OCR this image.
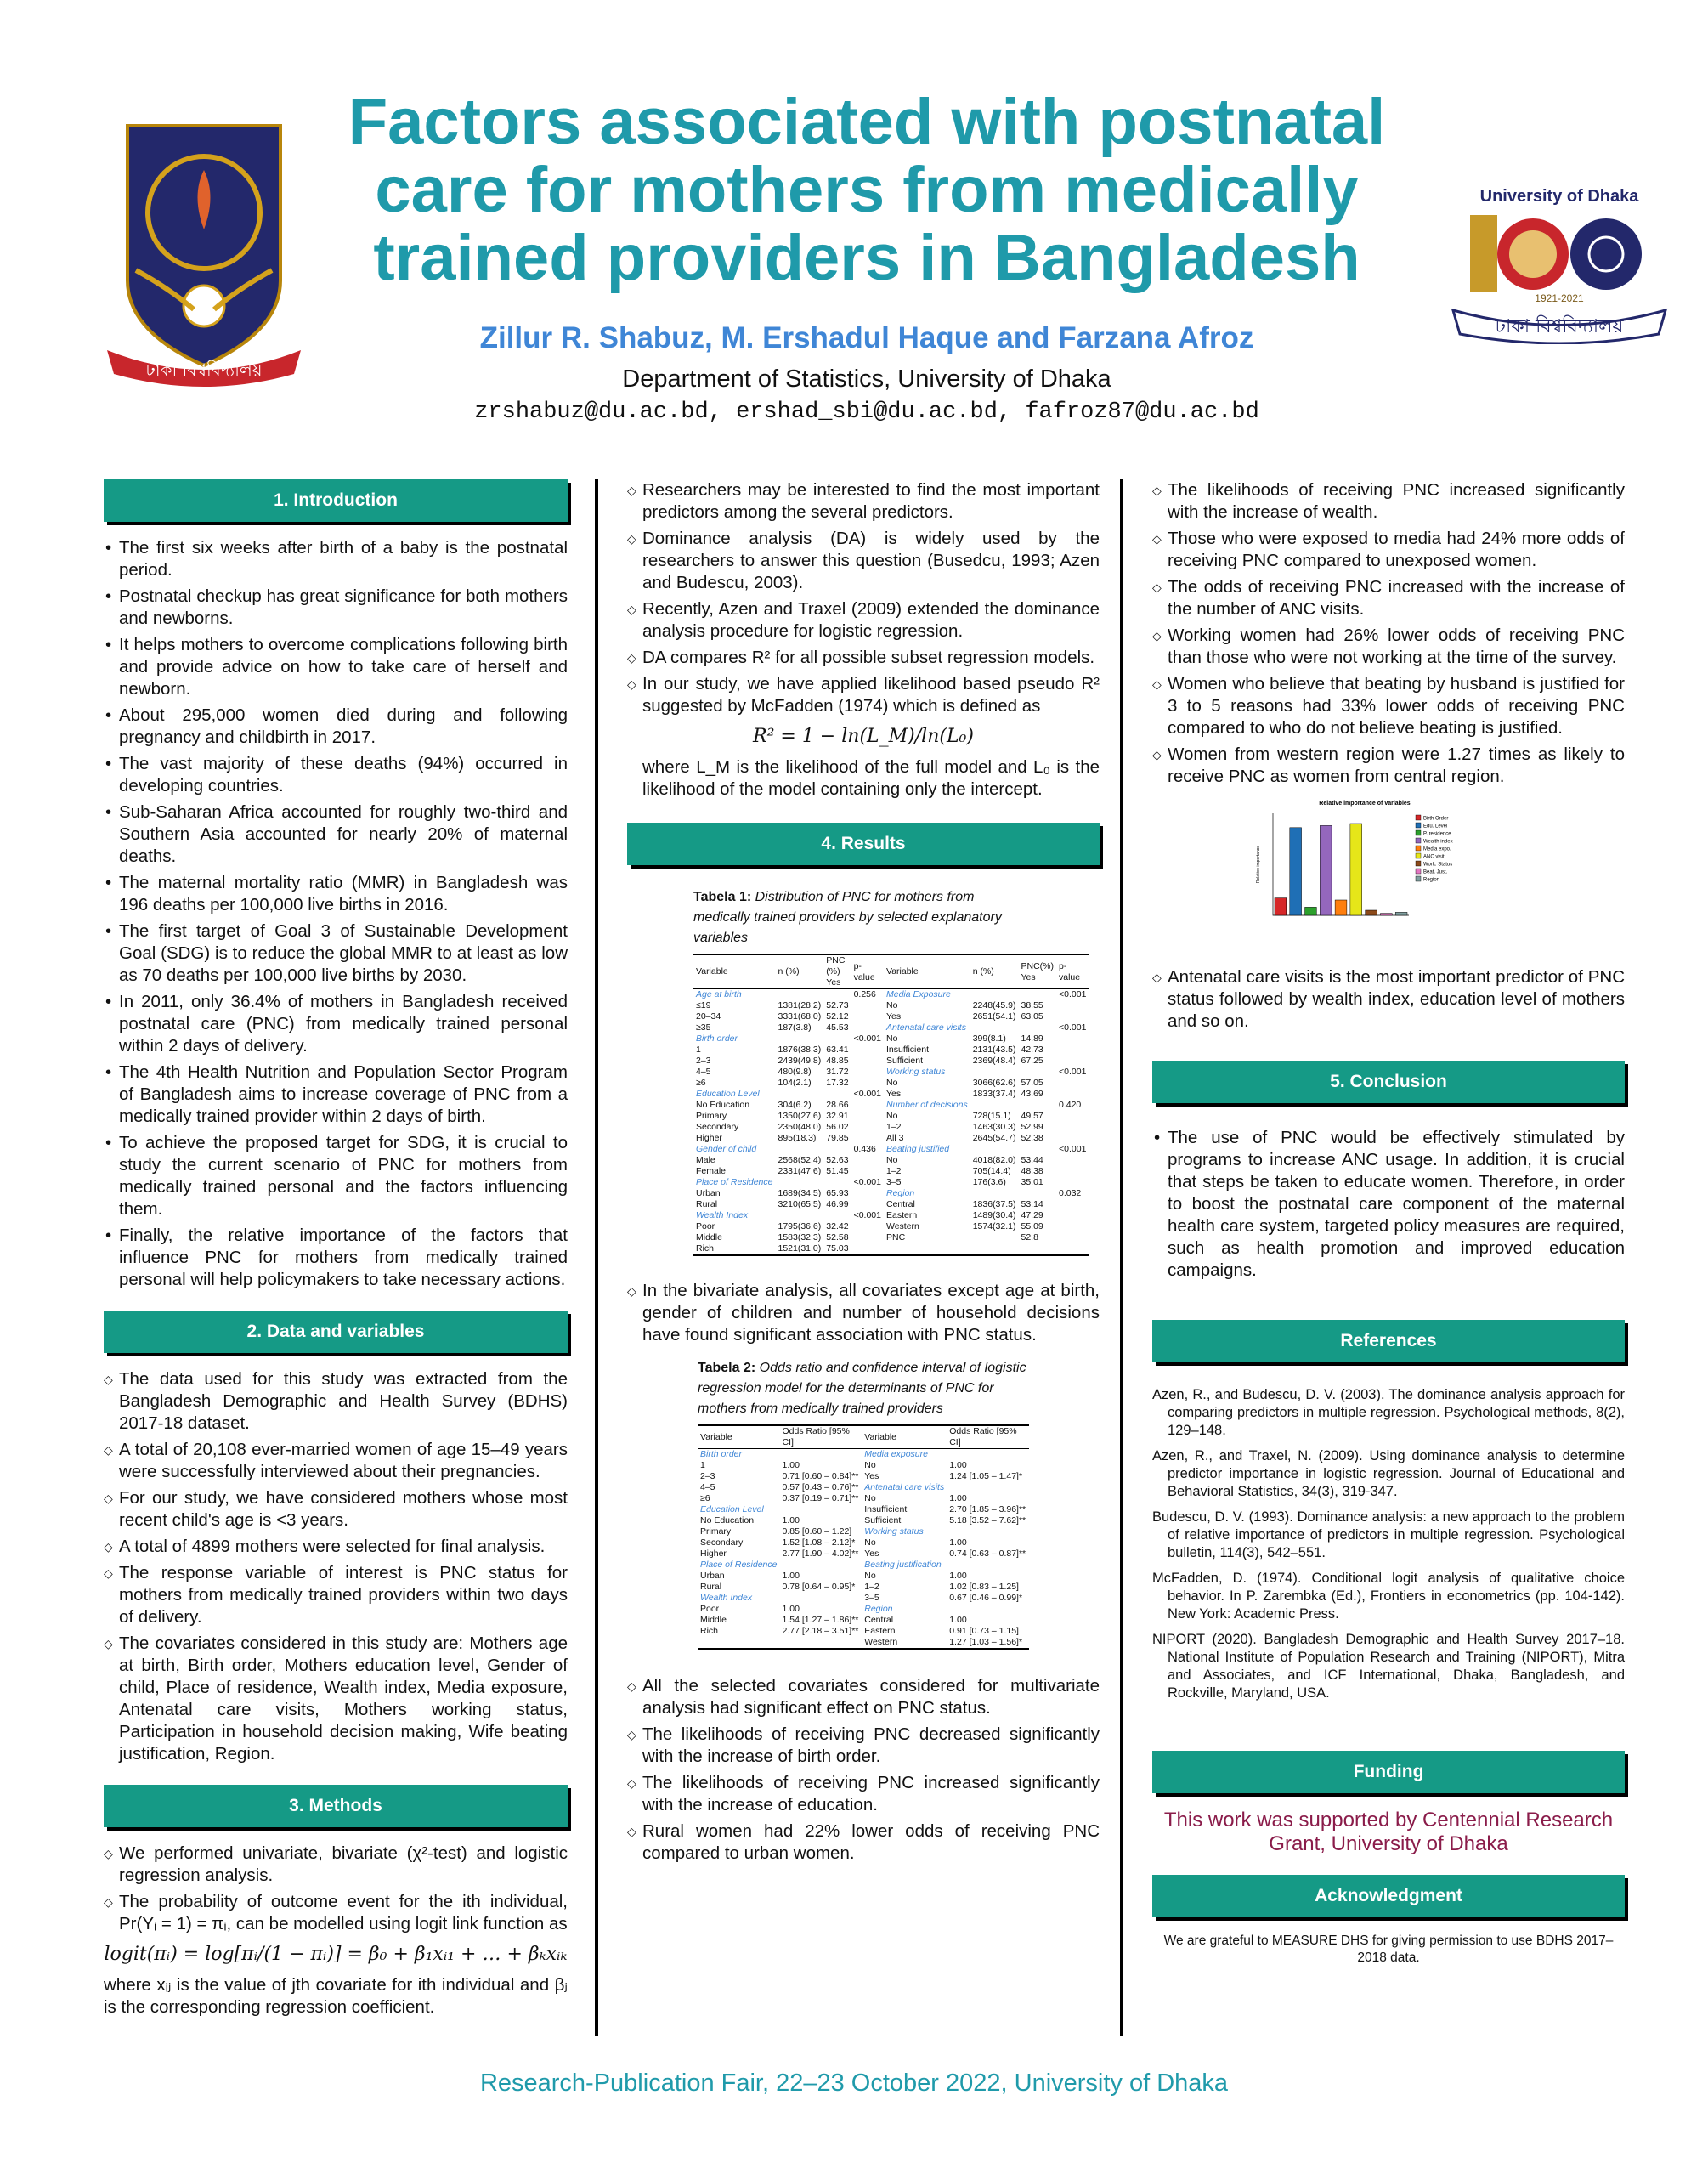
ঢাকা বিশ্ববিদ্যালয়
Factors associated with postnatal
care for mothers from medically
trained providers in Bangladesh
Zillur R. Shabuz, M. Ershadul Haque and Farzana Afroz
Department of Statistics, University of Dhaka
zrshabuz@du.ac.bd, ershad_sbi@du.ac.bd, fafroz87@du.ac.bd
University of Dhaka
1921-2021
ঢাকা বিশ্ববিদ্যালয়
1. Introduction
• The first six weeks after birth of a baby is the postnatal period.
• Postnatal checkup has great significance for both mothers and newborns.
• It helps mothers to overcome complications following birth and provide advice on how to take care of herself and newborn.
• About 295,000 women died during and following pregnancy and childbirth in 2017.
• The vast majority of these deaths (94%) occurred in developing countries.
• Sub-Saharan Africa accounted for roughly two-third and Southern Asia accounted for nearly 20% of maternal deaths.
• The maternal mortality ratio (MMR) in Bangladesh was 196 deaths per 100,000 live births in 2016.
• The first target of Goal 3 of Sustainable Development Goal (SDG) is to reduce the global MMR to at least as low as 70 deaths per 100,000 live births by 2030.
• In 2011, only 36.4% of mothers in Bangladesh received postnatal care (PNC) from medically trained personal within 2 days of delivery.
• The 4th Health Nutrition and Population Sector Program of Bangladesh aims to increase coverage of PNC from a medically trained provider within 2 days of birth.
• To achieve the proposed target for SDG, it is crucial to study the current scenario of PNC for mothers from medically trained personal and the factors influencing them.
• Finally, the relative importance of the factors that influence PNC for mothers from medically trained personal will help policymakers to take necessary actions.
2. Data and variables
◇ The data used for this study was extracted from the Bangladesh Demographic and Health Survey (BDHS) 2017-18 dataset.
◇ A total of 20,108 ever-married women of age 15–49 years were successfully interviewed about their pregnancies.
◇ For our study, we have considered mothers whose most recent child's age is <3 years.
◇ A total of 4899 mothers were selected for final analysis.
◇ The response variable of interest is PNC status for mothers from medically trained providers within two days of delivery.
◇ The covariates considered in this study are: Mothers age at birth, Birth order, Mothers education level, Gender of child, Place of residence, Wealth index, Media exposure, Antenatal care visits, Mothers working status, Participation in household decision making, Wife beating justification, Region.
3. Methods
◇ We performed univariate, bivariate (χ²-test) and logistic regression analysis.
◇ The probability of outcome event for the ith individual, Pr(Yᵢ = 1) = πᵢ, can be modelled using logit link function as
logit(πᵢ) = log[πᵢ/(1 − πᵢ)] = β₀ + β₁xᵢ₁ + … + βₖxᵢₖ

where xᵢⱼ is the value of jth covariate for ith individual and βⱼ is the corresponding regression coefficient.

◇ Researchers may be interested to find the most important predictors among the several predictors.
◇ Dominance analysis (DA) is widely used by the researchers to answer this question (Busedcu, 1993; Azen and Budescu, 2003).
◇ Recently, Azen and Traxel (2009) extended the dominance analysis procedure for logistic regression.
◇ DA compares R² for all possible subset regression models.
◇ In our study, we have applied likelihood based pseudo R² suggested by McFadden (1974) which is defined as
R² = 1 − ln(L_M)/ln(L₀)

where L_M is the likelihood of the full model and L₀ is the likelihood of the model containing only the intercept.

4. Results
Tabela 1: Distribution of PNC for mothers from medically trained providers by selected explanatory variables
Variable	n (%)	PNC (%) Yes	p-value	Variable	n (%)	PNC(%) Yes	p-value
Age at birth			0.256	Media Exposure			<0.001
≤19	1381(28.2)	52.73		No	2248(45.9)	38.55	
20–34	3331(68.0)	52.12		Yes	2651(54.1)	63.05	
≥35	187(3.8)	45.53		Antenatal care visits			<0.001
Birth order			<0.001	No	399(8.1)	14.89	
1	1876(38.3)	63.41		Insufficient	2131(43.5)	42.73	
2–3	2439(49.8)	48.85		Sufficient	2369(48.4)	67.25	
4–5	480(9.8)	31.72		Working status			<0.001
≥6	104(2.1)	17.32		No	3066(62.6)	57.05	
Education Level			<0.001	Yes	1833(37.4)	43.69	
No Education	304(6.2)	28.66		Number of decisions			0.420
Primary	1350(27.6)	32.91		No	728(15.1)	49.57	
Secondary	2350(48.0)	56.02		1–2	1463(30.3)	52.99	
Higher	895(18.3)	79.85		All 3	2645(54.7)	52.38	
Gender of child			0.436	Beating justified			<0.001
Male	2568(52.4)	52.63		No	4018(82.0)	53.44	
Female	2331(47.6)	51.45		1–2	705(14.4)	48.38	
Place of Residence			<0.001	3–5	176(3.6)	35.01	
Urban	1689(34.5)	65.93		Region			0.032
Rural	3210(65.5)	46.99		Central	1836(37.5)	53.14	
Wealth Index			<0.001	Eastern	1489(30.4)	47.29	
Poor	1795(36.6)	32.42		Western	1574(32.1)	55.09	
Middle	1583(32.3)	52.58		PNC		52.8	
Rich	1521(31.0)	75.03					
◇ In the bivariate analysis, all covariates except age at birth, gender of children and number of household decisions have found significant association with PNC status.
Tabela 2: Odds ratio and confidence interval of logistic regression model for the determinants of PNC for mothers from medically trained providers
Variable	Odds Ratio [95% CI]	Variable	Odds Ratio [95% CI]
Birth order		Media exposure	
1	1.00	No	1.00
2–3	0.71 [0.60 – 0.84]**	Yes	1.24 [1.05 – 1.47]*
4–5	0.57 [0.43 – 0.76]**	Antenatal care visits	
≥6	0.37 [0.19 – 0.71]**	No	1.00
Education Level		Insufficient	2.70 [1.85 – 3.96]**
No Education	1.00	Sufficient	5.18 [3.52 – 7.62]**
Primary	0.85 [0.60 – 1.22]	Working status	
Secondary	1.52 [1.08 – 2.12]*	No	1.00
Higher	2.77 [1.90 – 4.02]**	Yes	0.74 [0.63 – 0.87]**
Place of Residence		Beating justification	
Urban	1.00	No	1.00
Rural	0.78 [0.64 – 0.95]*	1–2	1.02 [0.83 – 1.25]
Wealth Index		3–5	0.67 [0.46 – 0.99]*
Poor	1.00	Region	
Middle	1.54 [1.27 – 1.86]**	Central	1.00
Rich	2.77 [2.18 – 3.51]**	Eastern	0.91 [0.73 – 1.15]
		Western	1.27 [1.03 – 1.56]*
◇ All the selected covariates considered for multivariate analysis had significant effect on PNC status.
◇ The likelihoods of receiving PNC decreased significantly with the increase of birth order.
◇ The likelihoods of receiving PNC increased significantly with the increase of education.
◇ Rural women had 22% lower odds of receiving PNC compared to urban women.
◇ The likelihoods of receiving PNC increased significantly with the increase of wealth.
◇ Those who were exposed to media had 24% more odds of receiving PNC compared to unexposed women.
◇ The odds of receiving PNC increased with the increase of the number of ANC visits.
◇ Working women had 26% lower odds of receiving PNC than those who were not working at the time of the survey.
◇ Women who believe that beating by husband is justified for 3 to 5 reasons had 33% lower odds of receiving PNC compared to who do not believe beating is justified.
◇ Women from western region were 1.27 times as likely to receive PNC as women from central region.
Relative importance of variables
Relative importance
Birth Order
Edu. Level
P. residence
Wealth index
Media expo.
ANC visit
Work. Status
Beat. Just.
Region
◇ Antenatal care visits is the most important predictor of PNC status followed by wealth index, education level of mothers and so on.
5. Conclusion
• The use of PNC would be effectively stimulated by programs to increase ANC usage. In addition, it is crucial that steps be taken to educate women. Therefore, in order to boost the postnatal care component of the maternal health care system, targeted policy measures are required, such as health promotion and improved education campaigns.
References

Azen, R., and Budescu, D. V. (2003). The dominance analysis approach for comparing predictors in multiple regression. Psychological methods, 8(2), 129–148.

Azen, R., and Traxel, N. (2009). Using dominance analysis to determine predictor importance in logistic regression. Journal of Educational and Behavioral Statistics, 34(3), 319-347.

Budescu, D. V. (1993). Dominance analysis: a new approach to the problem of relative importance of predictors in multiple regression. Psychological bulletin, 114(3), 542–551.

McFadden, D. (1974). Conditional logit analysis of qualitative choice behavior. In P. Zarembka (Ed.), Frontiers in econometrics (pp. 104-142). New York: Academic Press.

NIPORT (2020). Bangladesh Demographic and Health Survey 2017–18. National Institute of Population Research and Training (NIPORT), Mitra and Associates, and ICF International, Dhaka, Bangladesh, and Rockville, Maryland, USA.

Funding
This work was supported by Centennial Research Grant, University of Dhaka
Acknowledgment
We are grateful to MEASURE DHS for giving permission to use BDHS 2017–2018 data.
Research-Publication Fair, 22–23 October 2022, University of Dhaka
